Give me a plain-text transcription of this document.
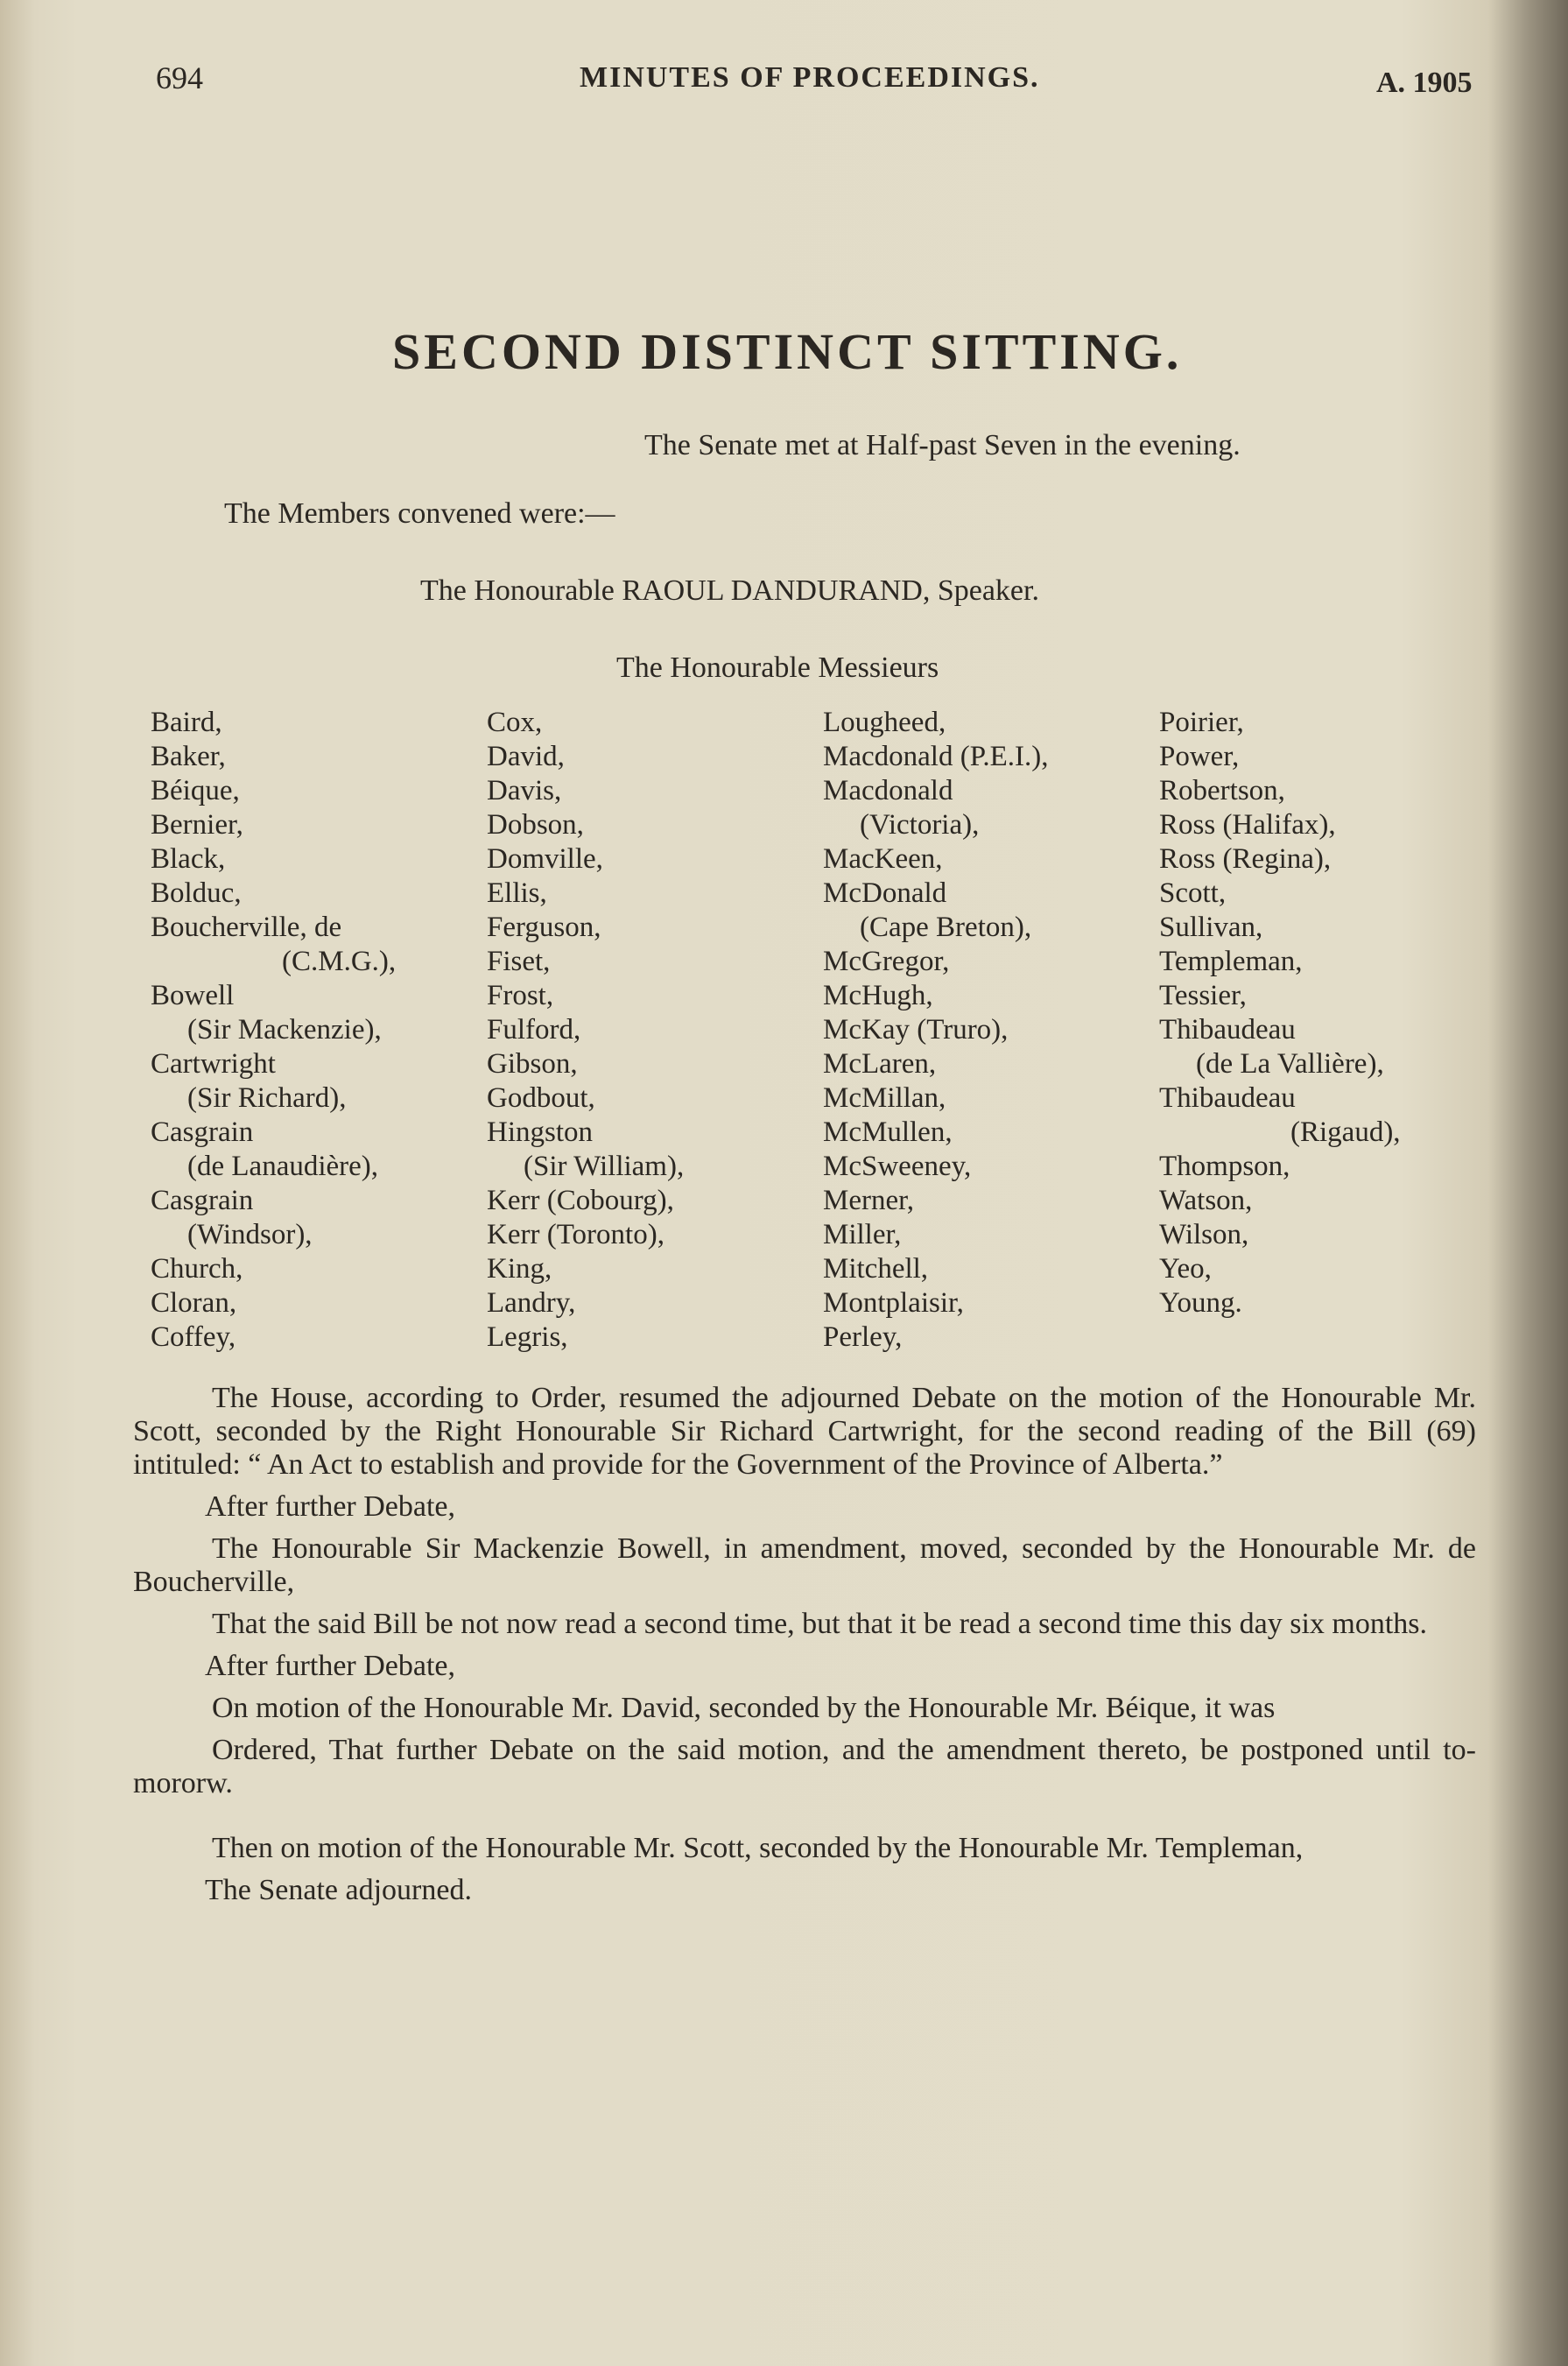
694	MINUTES OF PROCEEDINGS.	A. 1905
SECOND DISTINCT SITTING.
The Senate met at Half-past Seven in the evening.
The Members convened were:—
The Honourable RAOUL DANDURAND, Speaker.
The Honourable Messieurs
Baird,
Baker,
Béique,
Bernier,
Black,
Bolduc,
Boucherville, de
(C.M.G.),
Bowell
(Sir Mackenzie),
Cartwright
(Sir Richard),
Casgrain
(de Lanaudière),
Casgrain
(Windsor),
Church,
Cloran,
Coffey,
Cox,
David,
Davis,
Dobson,
Domville,
Ellis,
Ferguson,
Fiset,
Frost,
Fulford,
Gibson,
Godbout,
Hingston
(Sir William),
Kerr (Cobourg),
Kerr (Toronto),
King,
Landry,
Legris,
Lougheed,
Macdonald (P.E.I.),
Macdonald
(Victoria),
MacKeen,
McDonald
(Cape Breton),
McGregor,
McHugh,
McKay (Truro),
McLaren,
McMillan,
McMullen,
McSweeney,
Merner,
Miller,
Mitchell,
Montplaisir,
Perley,
Poirier,
Power,
Robertson,
Ross (Halifax),
Ross (Regina),
Scott,
Sullivan,
Templeman,
Tessier,
Thibaudeau
(de La Vallière),
Thibaudeau
(Rigaud),
Thompson,
Watson,
Wilson,
Yeo,
Young.

The House, according to Order, resumed the adjourned Debate on the motion of the Honourable Mr. Scott, seconded by the Right Honourable Sir Richard Cartwright, for the second reading of the Bill (69) intituled: “ An Act to establish and provide for the Government of the Province of Alberta.”

After further Debate,

The Honourable Sir Mackenzie Bowell, in amendment, moved, seconded by the Honourable Mr. de Boucherville,

That the said Bill be not now read a second time, but that it be read a second time this day six months.

After further Debate,

On motion of the Honourable Mr. David, seconded by the Honourable Mr. Béique, it was

Ordered, That further Debate on the said motion, and the amendment thereto, be postponed until to-mororw.

Then on motion of the Honourable Mr. Scott, seconded by the Honourable Mr. Templeman,

The Senate adjourned.
